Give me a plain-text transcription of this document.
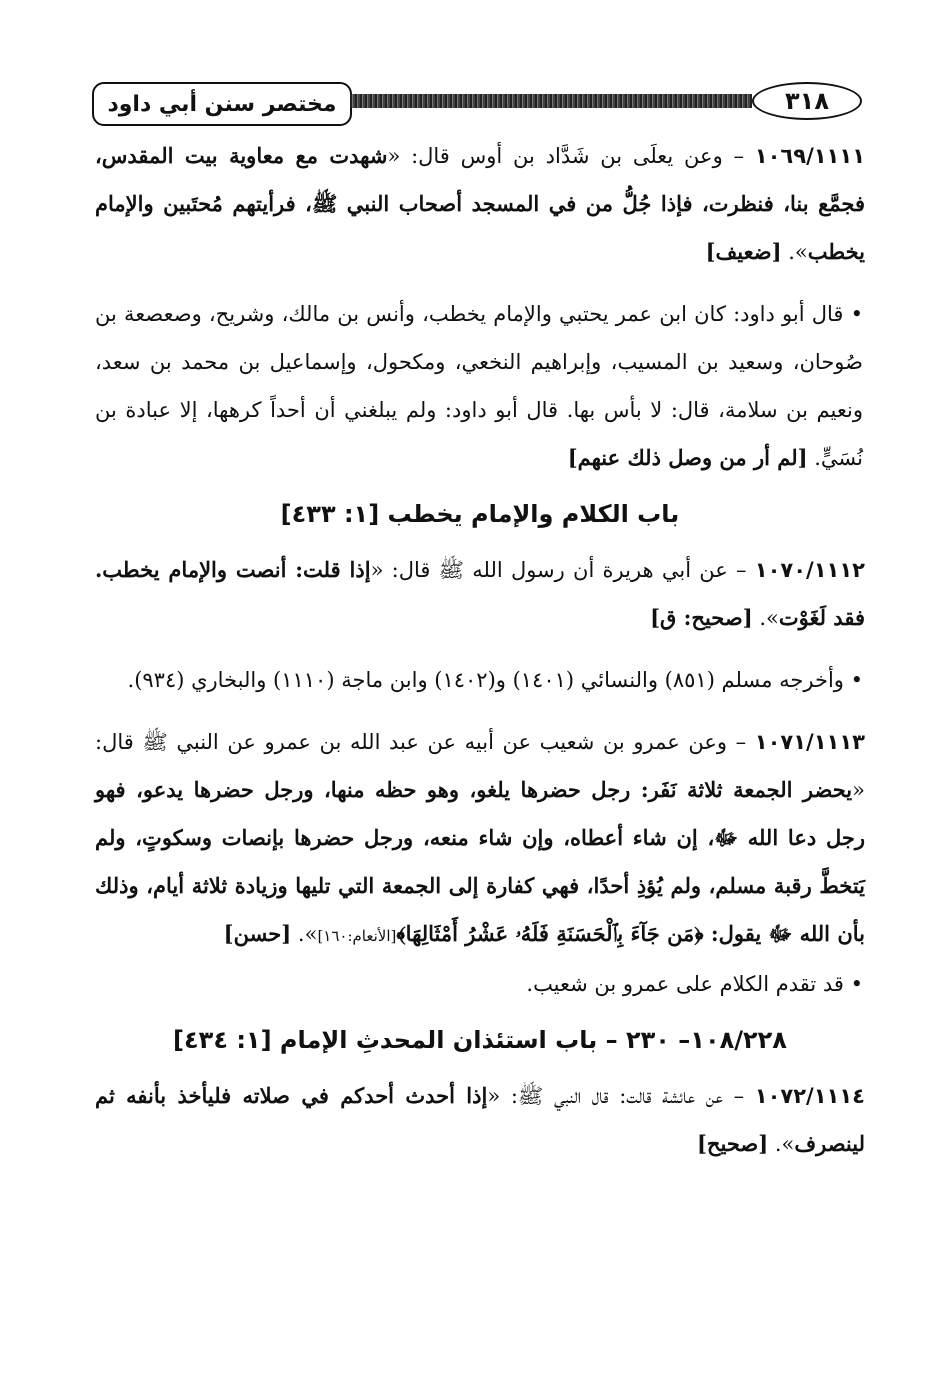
مختصر سنن أبي داود	٣١٨

١٠٦٩/١١١١ – وعن يعلَى بن شَدَّاد بن أوس قال: «شهدت مع معاوية بيت المقدس، فجمَّع بنا، فنظرت، فإذا جُلُّ من في المسجد أصحاب النبي ﷺ، فرأيتهم مُحتَبين والإمام يخطب». [ضعيف]

• قال أبو داود: كان ابن عمر يحتبي والإمام يخطب، وأنس بن مالك، وشريح، وصعصعة بن صُوحان، وسعيد بن المسيب، وإبراهيم النخعي، ومكحول، وإسماعيل بن محمد بن سعد، ونعيم بن سلامة، قال: لا بأس بها. قال أبو داود: ولم يبلغني أن أحداً كرهها، إلا عبادة بن نُسَيٍّ. [لم أر من وصل ذلك عنهم]

باب الكلام والإمام يخطب [١: ٤٣٣]

١٠٧٠/١١١٢ – عن أبي هريرة أن رسول الله ﷺ قال: «إذا قلت: أنصت والإمام يخطب. فقد لَغَوْت». [صحيح: ق]

• وأخرجه مسلم (٨٥١) والنسائي (١٤٠١) و(١٤٠٢) وابن ماجة (١١١٠) والبخاري (٩٣٤).

١٠٧١/١١١٣ – وعن عمرو بن شعيب عن أبيه عن عبد الله بن عمرو عن النبي ﷺ قال: «يحضر الجمعة ثلاثة نَفَر: رجل حضرها يلغو، وهو حظه منها، ورجل حضرها يدعو، فهو رجل دعا الله ﷻ، إن شاء أعطاه، وإن شاء منعه، ورجل حضرها بإنصات وسكوتٍ، ولم يَتخطَّ رقبة مسلم، ولم يُؤذِ أحدًا، فهي كفارة إلى الجمعة التي تليها وزيادة ثلاثة أيام، وذلك بأن الله ﷻ يقول: ﴿مَن جَآءَ بِٱلْحَسَنَةِ فَلَهُۥ عَشْرُ أَمْثَالِهَا﴾[الأنعام:١٦٠]». [حسن]

• قد تقدم الكلام على عمرو بن شعيب.

١٠٨/٢٢٨– ٢٣٠ – باب استئذان المحدثِ الإمام [١: ٤٣٤]

١٠٧٢/١١١٤ – عن عائشة قالت: قال النبي ﷺ: «إذا أحدث أحدكم في صلاته فليأخذ بأنفه ثم لينصرف». [صحيح]
